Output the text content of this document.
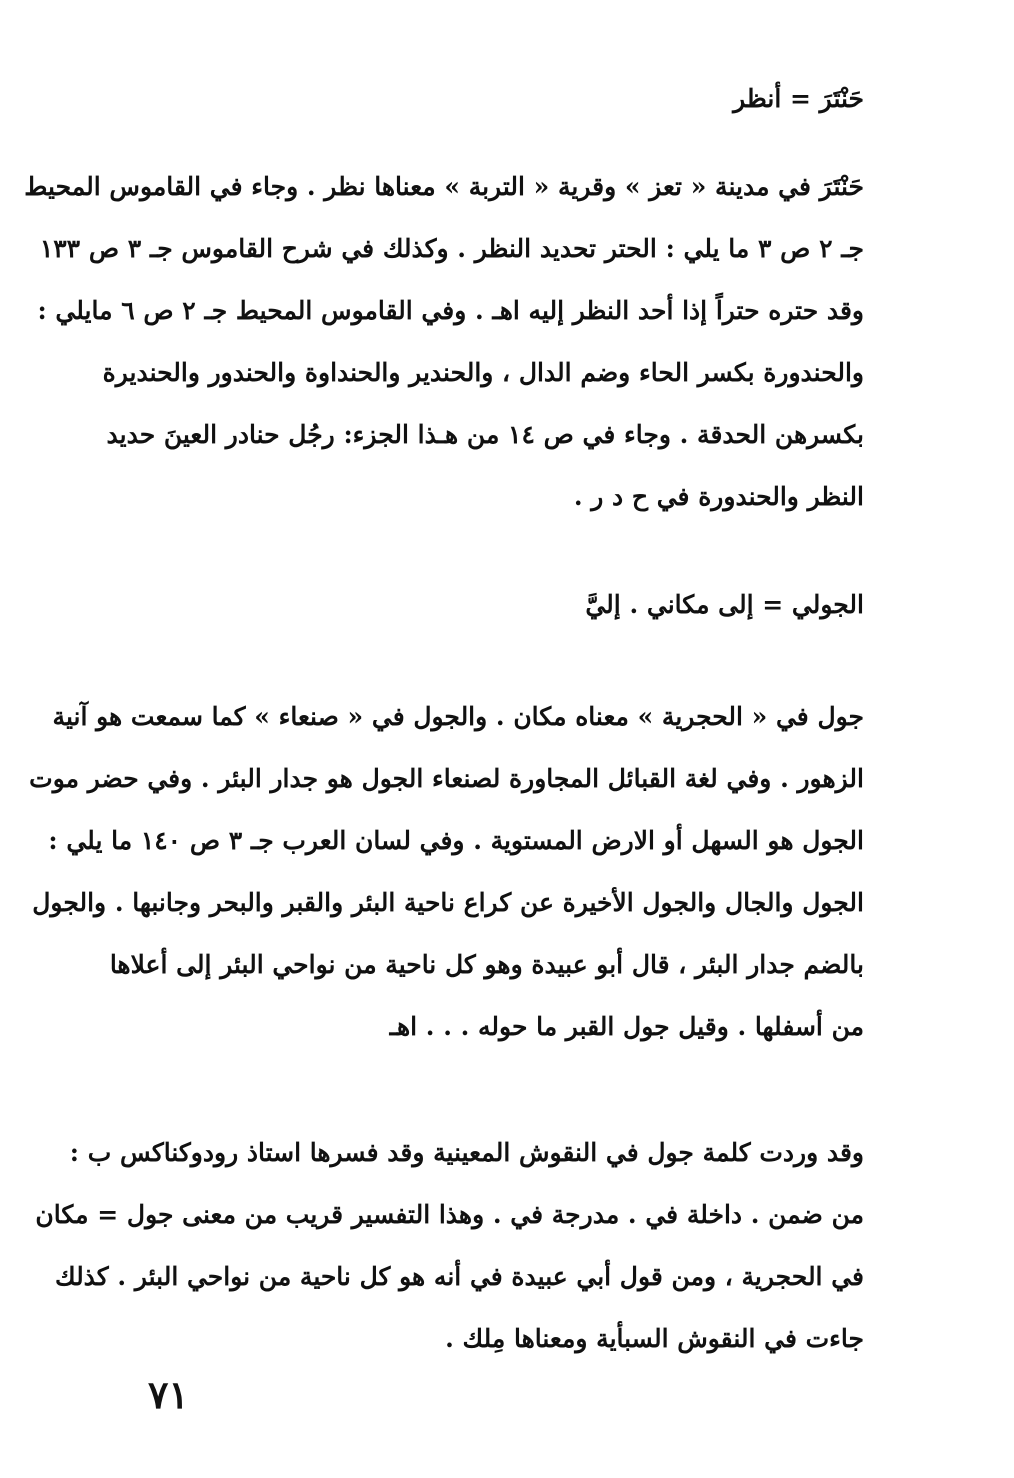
حَنْتَرَ = أنظر
حَنْتَرَ في مدينة « تعز » وقرية « التربة » معناها نظر . وجاء في القاموس المحيط
جـ ٢ ص ٣ ما يلي : الحتر تحديد النظر . وكذلك في شرح القاموس جـ ٣ ص ١٣٣
وقد حتره حتراً إذا أحد النظر إليه اهـ . وفي القاموس المحيط جـ ٢ ص ٦ مايلي :
والحندورة بكسر الحاء وضم الدال ، والحندير والحنداوة والحندور والحنديرة
بكسرهن الحدقة . وجاء في ص ١٤ من هـذا الجزء: رجُل حنادر العينَ حديد
النظر والحندورة في ح د ر .
الجولي = إلى مكاني . إليَّ
جول في « الحجرية » معناه مكان . والجول في « صنعاء » كما سمعت هو آنية
الزهور . وفي لغة القبائل المجاورة لصنعاء الجول هو جدار البئر . وفي حضر موت
الجول هو السهل أو الارض المستوية . وفي لسان العرب جـ ٣ ص ١٤٠ ما يلي :
الجول والجال والجول الأخيرة عن كراع ناحية البئر والقبر والبحر وجانبها . والجول
بالضم جدار البئر ، قال أبو عبيدة وهو كل ناحية من نواحي البئر إلى أعلاها
من أسفلها . وقيل جول القبر ما حوله . . . اهـ
وقد وردت كلمة جول في النقوش المعينية وقد فسرها استاذ رودوكناكس ب :
من ضمن . داخلة في . مدرجة في . وهذا التفسير قريب من معنى جول = مكان
في الحجرية ، ومن قول أبي عبيدة في أنه هو كل ناحية من نواحي البئر . كذلك
جاءت في النقوش السبأية ومعناها مِلك .
٧١
